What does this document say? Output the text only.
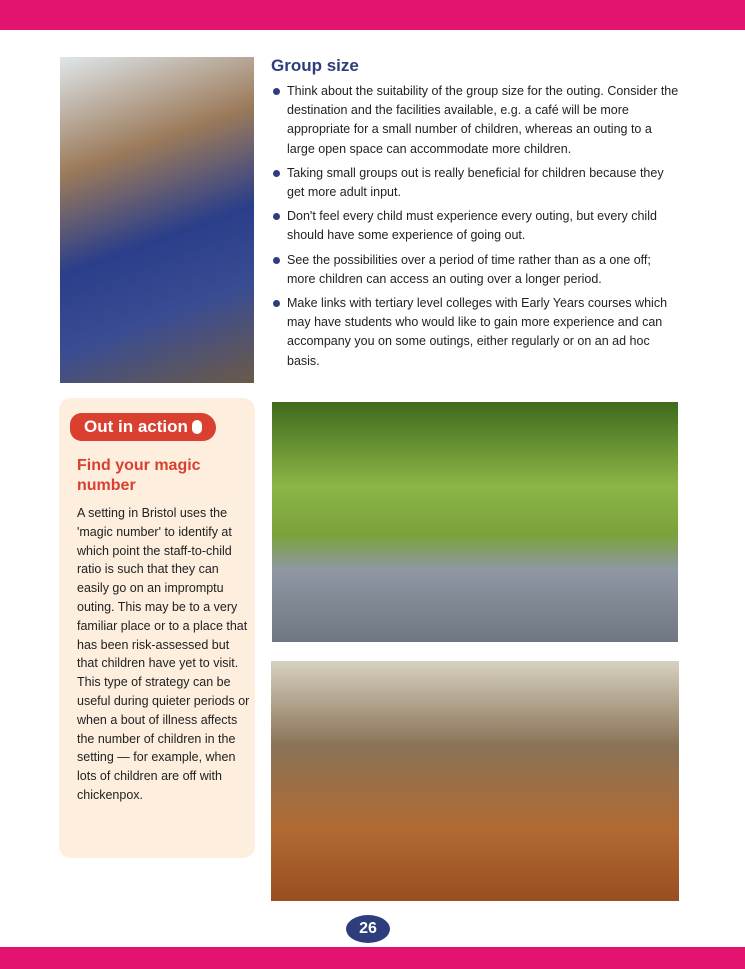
Group size
Think about the suitability of the group size for the outing. Consider the destination and the facilities available, e.g. a café will be more appropriate for a small number of children, whereas an outing to a large open space can accommodate more children.
Taking small groups out is really beneficial for children because they get more adult input.
Don't feel every child must experience every outing, but every child should have some experience of going out.
See the possibilities over a period of time rather than as a one off; more children can access an outing over a longer period.
Make links with tertiary level colleges with Early Years courses which may have students who would like to gain more experience and can accompany you on some outings, either regularly or on an ad hoc basis.
Out in action
Find your magic number
A setting in Bristol uses the 'magic number' to identify at which point the staff-to-child ratio is such that they can easily go on an impromptu outing. This may be to a very familiar place or to a place that has been risk-assessed but that children have yet to visit. This type of strategy can be useful during quieter periods or when a bout of illness affects the number of children in the setting — for example, when lots of children are off with chickenpox.
26
